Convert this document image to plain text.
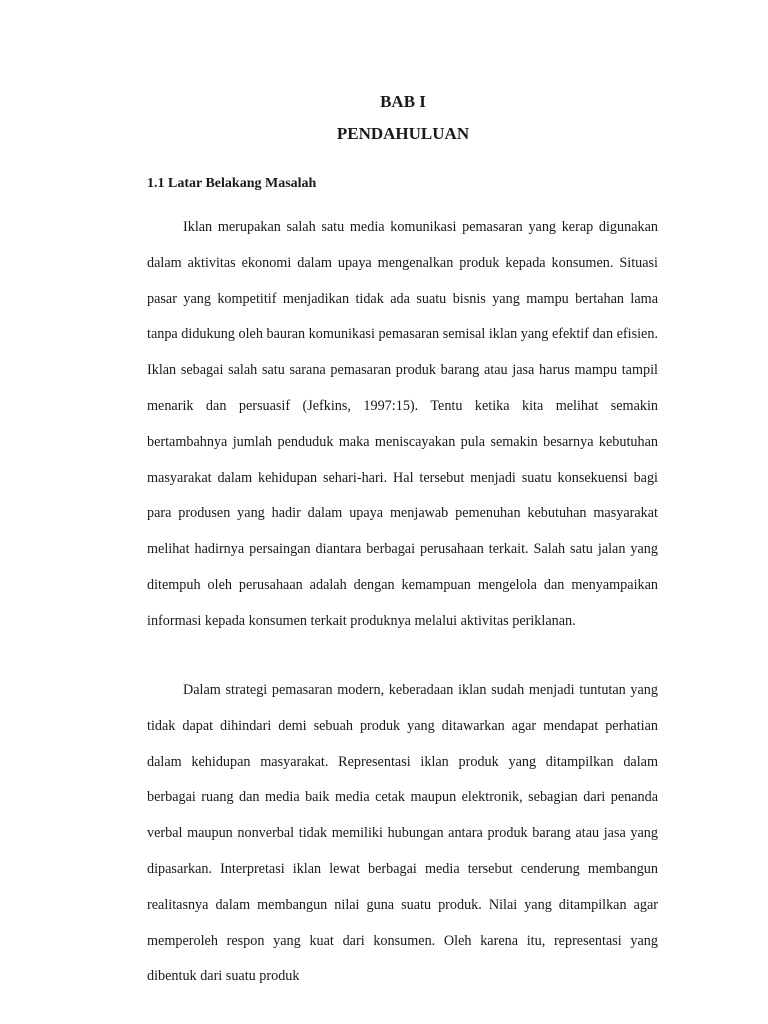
BAB I
PENDAHULUAN
1.1 Latar Belakang Masalah

Iklan merupakan salah satu media komunikasi pemasaran yang kerap digunakan dalam aktivitas ekonomi dalam upaya mengenalkan produk kepada konsumen. Situasi pasar yang kompetitif menjadikan tidak ada suatu bisnis yang mampu bertahan lama tanpa didukung oleh bauran komunikasi pemasaran semisal iklan yang efektif dan efisien. Iklan sebagai salah satu sarana pemasaran produk barang atau jasa harus mampu tampil menarik dan persuasif (Jefkins, 1997:15). Tentu ketika kita melihat semakin bertambahnya jumlah penduduk maka meniscayakan pula semakin besarnya kebutuhan masyarakat dalam kehidupan sehari-hari. Hal tersebut menjadi suatu konsekuensi bagi para produsen yang hadir dalam upaya menjawab pemenuhan kebutuhan masyarakat melihat hadirnya persaingan diantara berbagai perusahaan terkait. Salah satu jalan yang ditempuh oleh perusahaan adalah dengan kemampuan mengelola dan menyampaikan informasi kepada konsumen terkait produknya melalui aktivitas periklanan.

Dalam strategi pemasaran modern, keberadaan iklan sudah menjadi tuntutan yang tidak dapat dihindari demi sebuah produk yang ditawarkan agar mendapat perhatian dalam kehidupan masyarakat. Representasi iklan produk yang ditampilkan dalam berbagai ruang dan media baik media cetak maupun elektronik, sebagian dari penanda verbal maupun nonverbal tidak memiliki hubungan antara produk barang atau jasa yang dipasarkan. Interpretasi iklan lewat berbagai media tersebut cenderung membangun realitasnya dalam membangun nilai guna suatu produk. Nilai yang ditampilkan agar memperoleh respon yang kuat dari konsumen. Oleh karena itu, representasi yang dibentuk dari suatu produk
